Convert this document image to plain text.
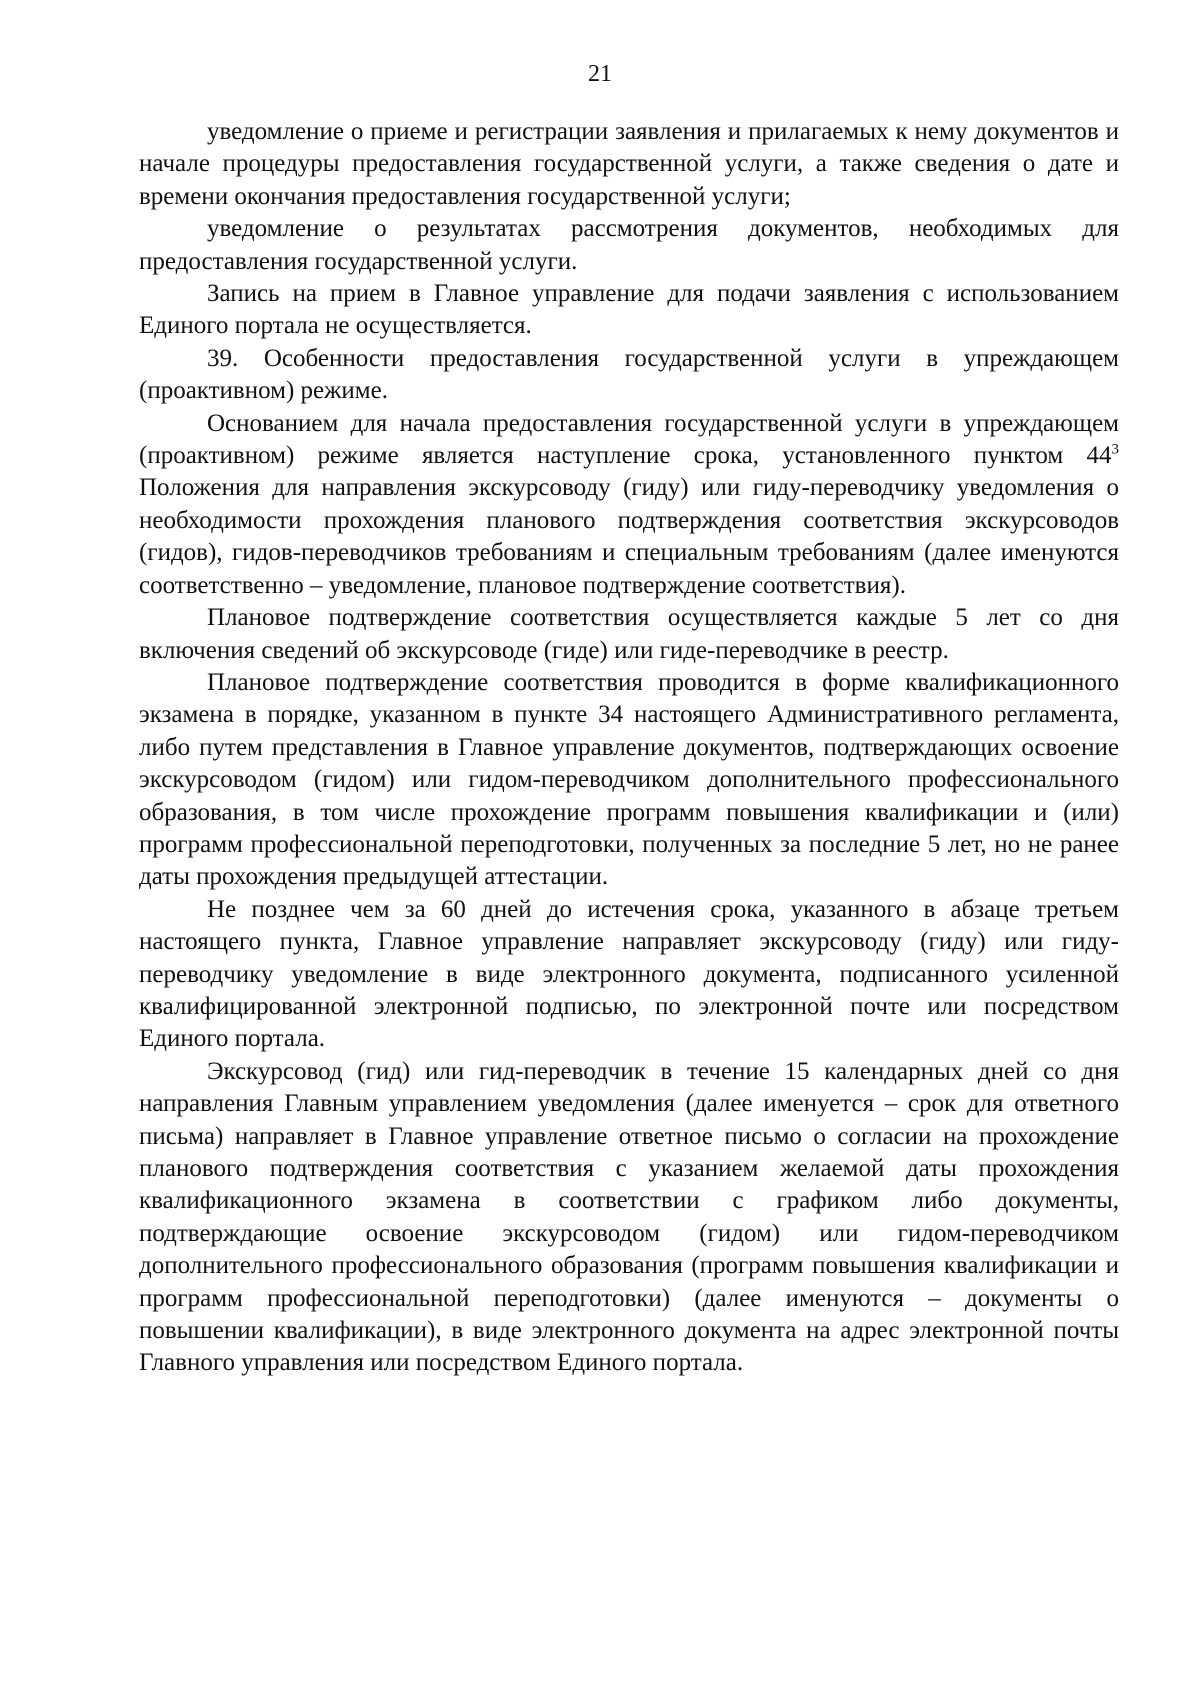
21

уведомление о приеме и регистрации заявления и прилагаемых к нему документов и начале процедуры предоставления государственной услуги, а также сведения о дате и времени окончания предоставления государственной услуги;

уведомление о результатах рассмотрения документов, необходимых для предоставления государственной услуги.

Запись на прием в Главное управление для подачи заявления с использованием Единого портала не осуществляется.

39. Особенности предоставления государственной услуги в упреждающем (проактивном) режиме.

Основанием для начала предоставления государственной услуги в упреждающем (проактивном) режиме является наступление срока, установленного пунктом $44^3$ Положения для направления экскурсоводу (гиду) или гиду-переводчику уведомления о необходимости прохождения планового подтверждения соответствия экскурсоводов (гидов), гидов-переводчиков требованиям и специальным требованиям (далее именуются соответственно – уведомление, плановое подтверждение соответствия).

Плановое подтверждение соответствия осуществляется каждые 5 лет со дня включения сведений об экскурсоводе (гиде) или гиде-переводчике в реестр.

Плановое подтверждение соответствия проводится в форме квалификационного экзамена в порядке, указанном в пункте 34 настоящего Административного регламента, либо путем представления в Главное управление документов, подтверждающих освоение экскурсоводом (гидом) или гидом-переводчиком дополнительного профессионального образования, в том числе прохождение программ повышения квалификации и (или) программ профессиональной переподготовки, полученных за последние 5 лет, но не ранее даты прохождения предыдущей аттестации.

Не позднее чем за 60 дней до истечения срока, указанного в абзаце третьем настоящего пункта, Главное управление направляет экскурсоводу (гиду) или гиду-переводчику уведомление в виде электронного документа, подписанного усиленной квалифицированной электронной подписью, по электронной почте или посредством Единого портала.

Экскурсовод (гид) или гид-переводчик в течение 15 календарных дней со дня направления Главным управлением уведомления (далее именуется – срок для ответного письма) направляет в Главное управление ответное письмо о согласии на прохождение планового подтверждения соответствия с указанием желаемой даты прохождения квалификационного экзамена в соответствии с графиком либо документы, подтверждающие освоение экскурсоводом (гидом) или гидом-переводчиком дополнительного профессионального образования (программ повышения квалификации и программ профессиональной переподготовки) (далее именуются – документы о повышении квалификации), в виде электронного документа на адрес электронной почты Главного управления или посредством Единого портала.
